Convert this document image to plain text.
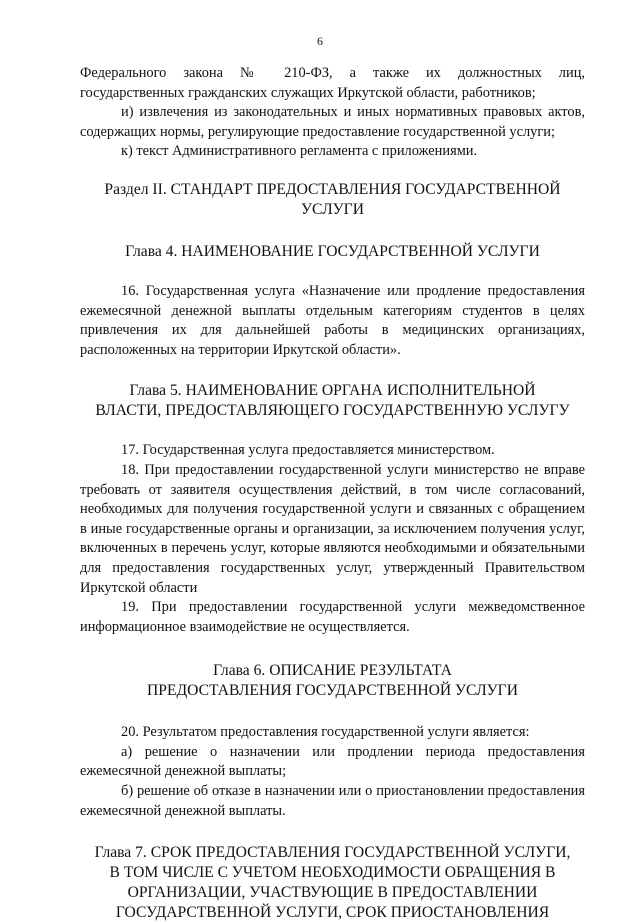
6

Федерального закона № 210-ФЗ, а также их должностных лиц,

государственных гражданских служащих Иркутской области, работников;

и) извлечения из законодательных и иных нормативных правовых актов, содержащих нормы, регулирующие предоставление государственной услуги;

к) текст Административного регламента с приложениями.

Раздел II. СТАНДАРТ ПРЕДОСТАВЛЕНИЯ ГОСУДАРСТВЕННОЙ
УСЛУГИ
Глава 4. НАИМЕНОВАНИЕ ГОСУДАРСТВЕННОЙ УСЛУГИ

16. Государственная услуга «Назначение или продление предоставления ежемесячной денежной выплаты отдельным категориям студентов в целях привлечения их для дальнейшей работы в медицинских организациях, расположенных на территории Иркутской области».

Глава 5. НАИМЕНОВАНИЕ ОРГАНА ИСПОЛНИТЕЛЬНОЙ
ВЛАСТИ, ПРЕДОСТАВЛЯЮЩЕГО ГОСУДАРСТВЕННУЮ УСЛУГУ

17. Государственная услуга предоставляется министерством.

18. При предоставлении государственной услуги министерство не вправе требовать от заявителя осуществления действий, в том числе согласований, необходимых для получения государственной услуги и связанных с обращением в иные государственные органы и организации, за исключением получения услуг, включенных в перечень услуг, которые являются необходимыми и обязательными для предоставления государственных услуг, утвержденный Правительством Иркутской области

19. При предоставлении государственной услуги межведомственное информационное взаимодействие не осуществляется.

Глава 6. ОПИСАНИЕ РЕЗУЛЬТАТА
ПРЕДОСТАВЛЕНИЯ ГОСУДАРСТВЕННОЙ УСЛУГИ

20. Результатом предоставления государственной услуги является:

а) решение о назначении или продлении периода предоставления ежемесячной денежной выплаты;

б) решение об отказе в назначении или о приостановлении предоставления ежемесячной денежной выплаты.

Глава 7. СРОК ПРЕДОСТАВЛЕНИЯ ГОСУДАРСТВЕННОЙ УСЛУГИ,
В ТОМ ЧИСЛЕ С УЧЕТОМ НЕОБХОДИМОСТИ ОБРАЩЕНИЯ В
ОРГАНИЗАЦИИ, УЧАСТВУЮЩИЕ В ПРЕДОСТАВЛЕНИИ
ГОСУДАРСТВЕННОЙ УСЛУГИ, СРОК ПРИОСТАНОВЛЕНИЯ
